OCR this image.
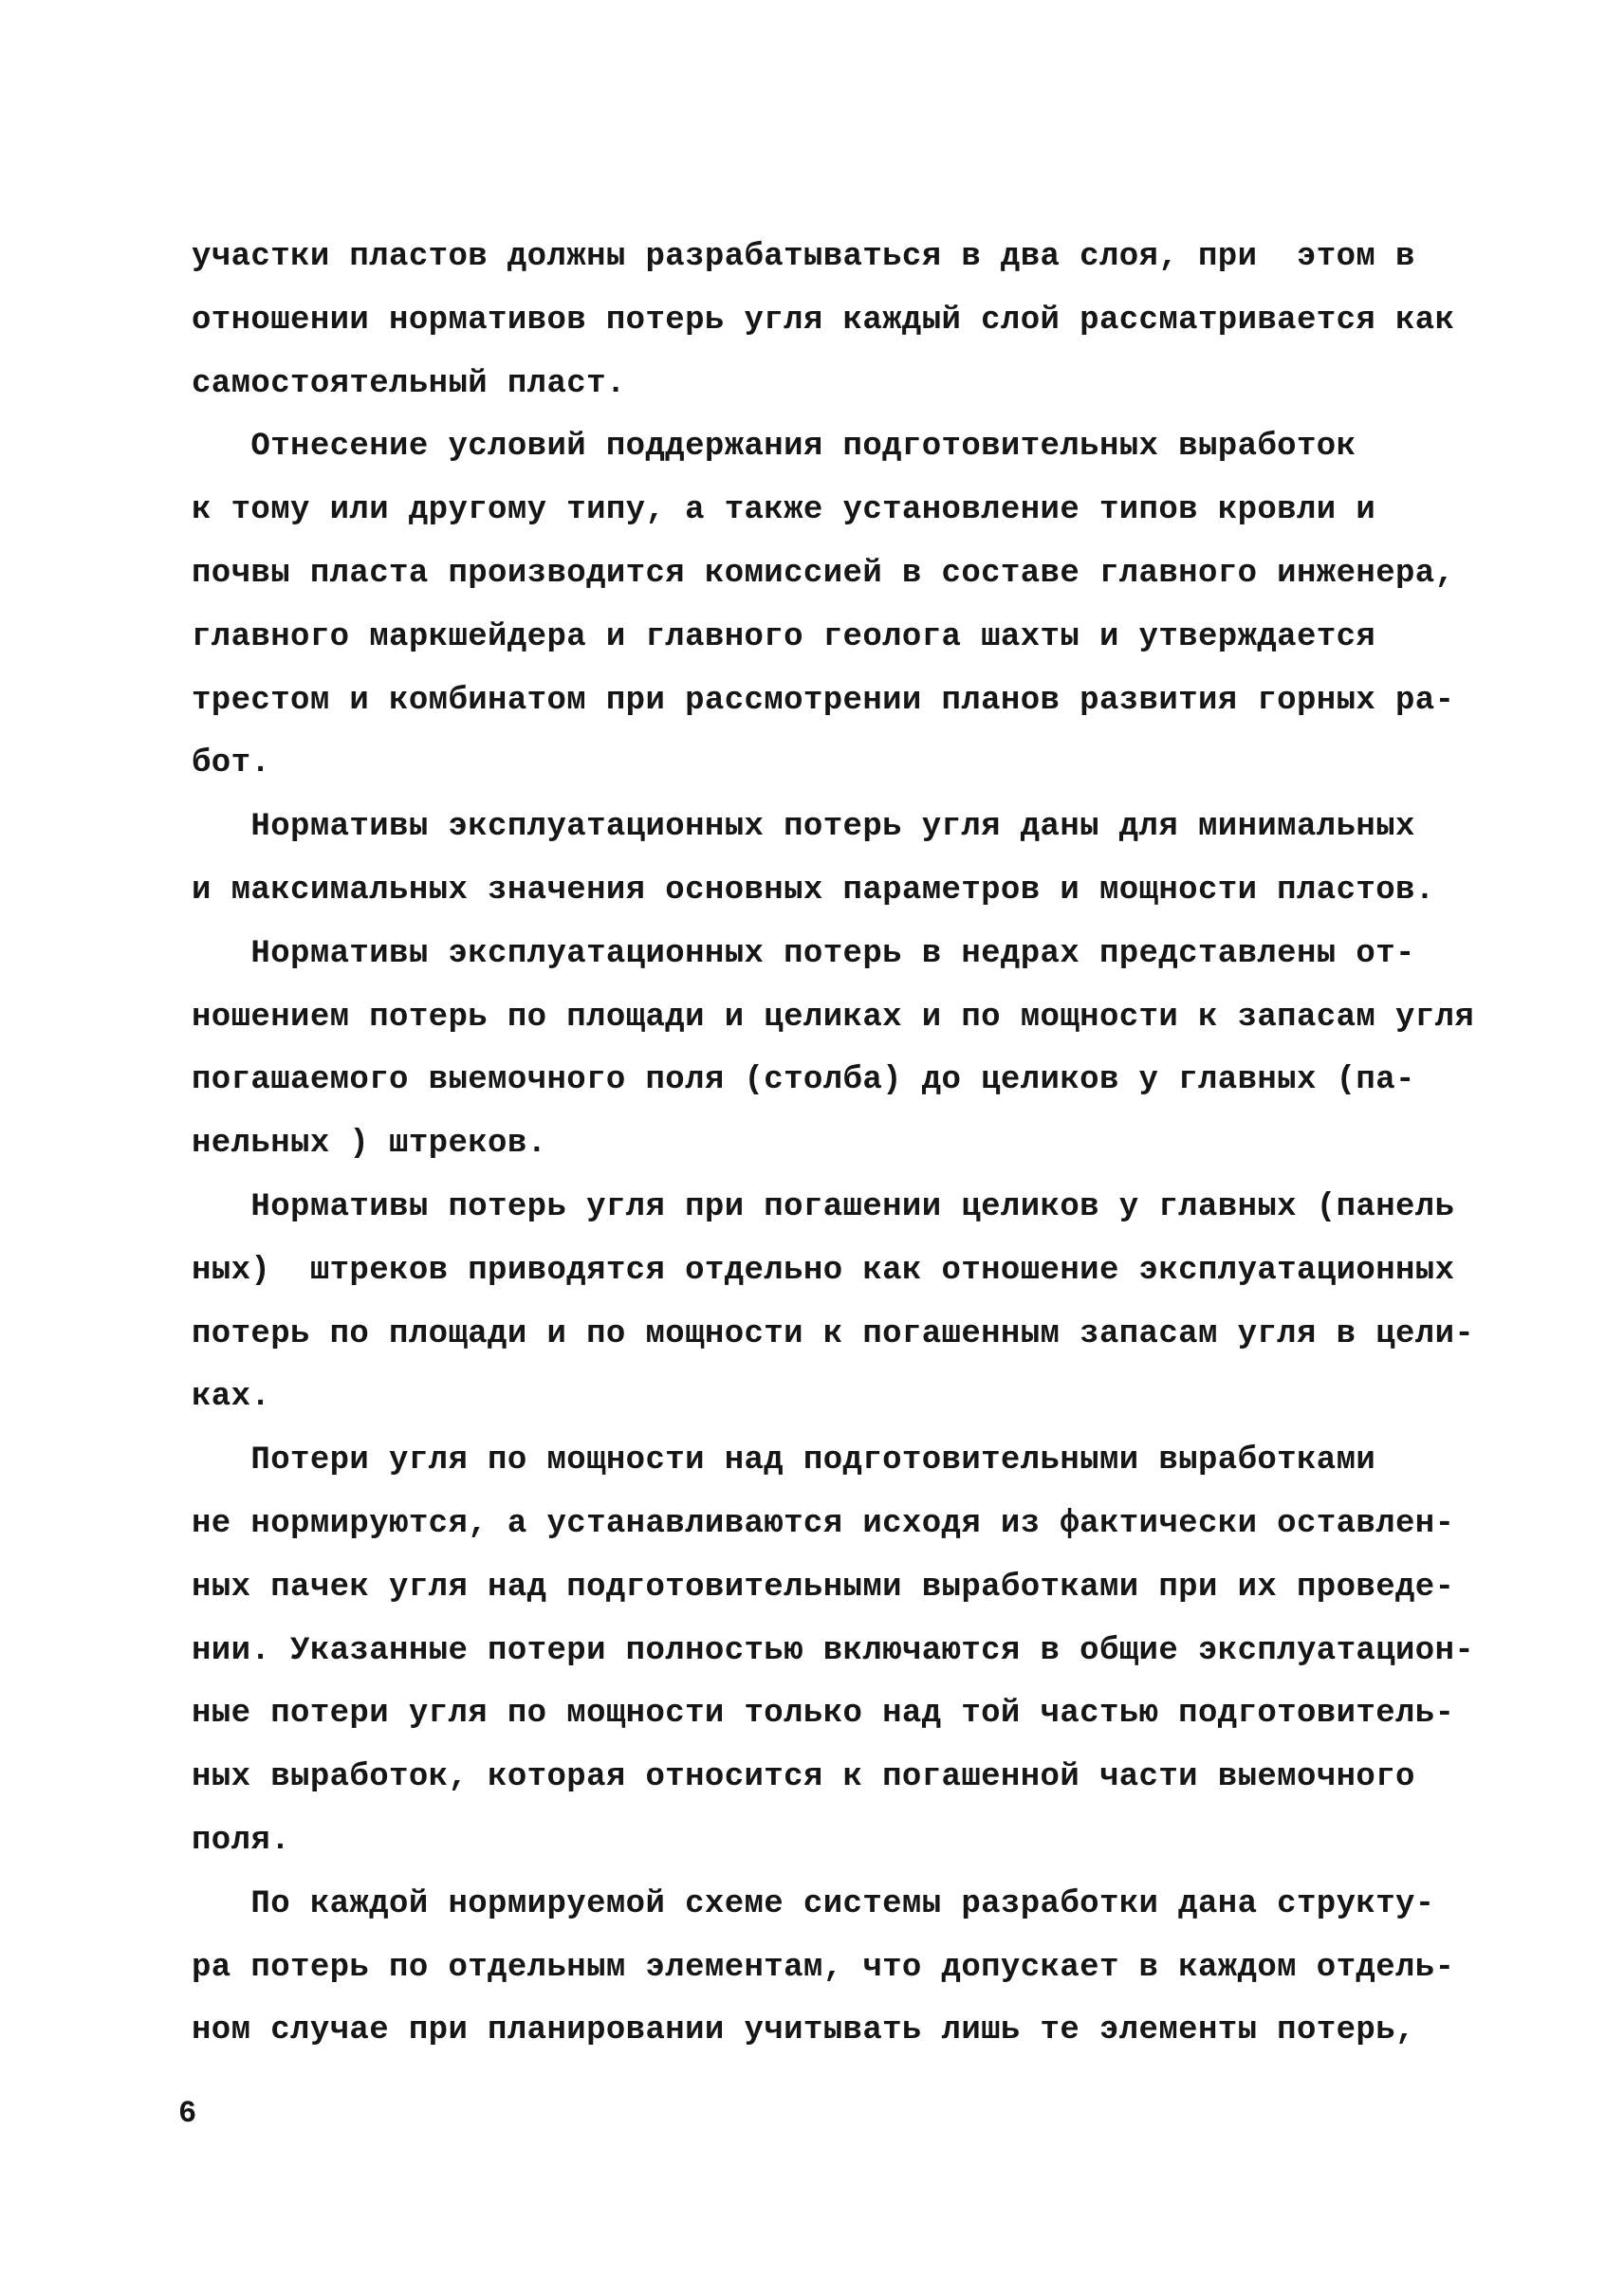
участки пластов должны разрабатываться в два слоя, при  этом в
отношении нормативов потерь угля каждый слой рассматривается как
самостоятельный пласт.
Отнесение условий поддержания подготовительных выработок
к тому или другому типу, а также установление типов кровли и
почвы пласта производится комиссией в составе главного инженера,
главного маркшейдера и главного геолога шахты и утверждается
трестом и комбинатом при рассмотрении планов развития горных ра-
бот.
Нормативы эксплуатационных потерь угля даны для минимальных
и максимальных значения основных параметров и мощности пластов.
Нормативы эксплуатационных потерь в недрах представлены от-
ношением потерь по площади и целиках и по мощности к запасам угля
погашаемого выемочного поля (столба) до целиков у главных (па-
нельных ) штреков.
Нормативы потерь угля при погашении целиков у главных (панель
ных)  штреков приводятся отдельно как отношение эксплуатационных
потерь по площади и по мощности к погашенным запасам угля в цели-
ках.
Потери угля по мощности над подготовительными выработками
не нормируются, а устанавливаются исходя из фактически оставлен-
ных пачек угля над подготовительными выработками при их проведе-
нии. Указанные потери полностью включаются в общие эксплуатацион-
ные потери угля по мощности только над той частью подготовитель-
ных выработок, которая относится к погашенной части выемочного
поля.
По каждой нормируемой схеме системы разработки дана структу-
ра потерь по отдельным элементам, что допускает в каждом отдель-
ном случае при планировании учитывать лишь те элементы потерь,
6
